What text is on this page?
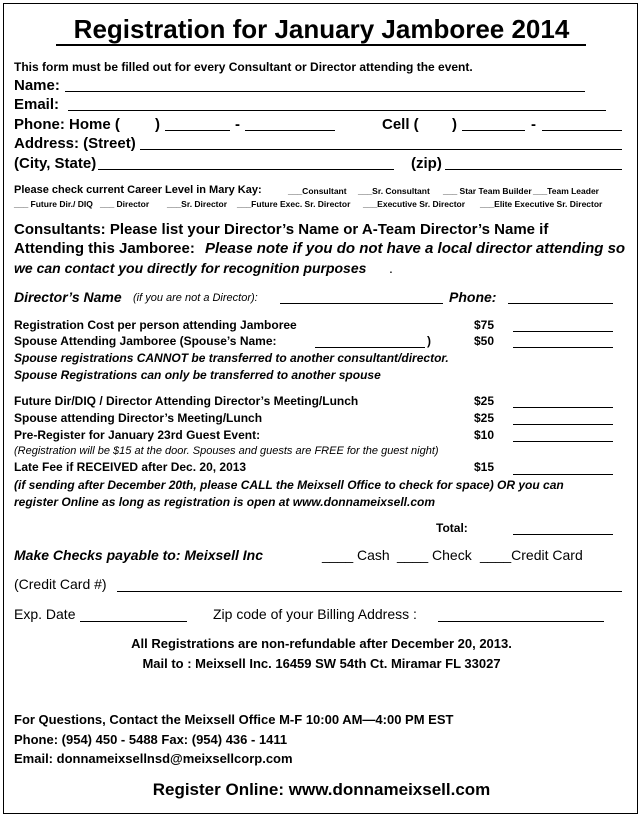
Registration for January Jamboree 2014
This form must be filled out for every Consultant or Director attending the event.
Name:
Email:
Phone: Home ( )	-	Cell ( )	-
Address: (Street)
(City, State)	(zip)
Please check current Career Level in Mary Kay:	___Consultant ___Sr. Consultant ___ Star Team Builder ___Team Leader
___ Future Dir./ DIQ ___ Director ___Sr. Director ___Future Exec. Sr. Director ___Executive Sr. Director ___Elite Executive Sr. Director
Consultants: Please list your Director’s Name or A-Team Director’s Name if
Attending this Jamboree: Please note if you do not have a local director attending so
we can contact you directly for recognition purposes .
Director’s Name (if you are not a Director):	Phone:
Registration Cost per person attending Jamboree	$75
Spouse Attending Jamboree (Spouse’s Name:	)	$50
Spouse registrations CANNOT be transferred to another consultant/director.
Spouse Registrations can only be transferred to another spouse
Future Dir/DIQ / Director Attending Director’s Meeting/Lunch	$25
Spouse attending Director’s Meeting/Lunch	$25
Pre-Register for January 23rd Guest Event:	$10
(Registration will be $15 at the door. Spouses and guests are FREE for the guest night)
Late Fee if RECEIVED after Dec. 20, 2013	$15
(if sending after December 20th, please CALL the Meixsell Office to check for space) OR you can
register Online as long as registration is open at www.donnameixsell.com
Total:
Make Checks payable to: Meixsell Inc	____ Cash ____ Check ____Credit Card
(Credit Card #)
Exp. Date	Zip code of your Billing Address :
All Registrations are non-refundable after December 20, 2013.
Mail to : Meixsell Inc. 16459 SW 54th Ct. Miramar FL 33027
For Questions, Contact the Meixsell Office M-F 10:00 AM—4:00 PM EST
Phone: (954) 450 - 5488 Fax: (954) 436 - 1411
Email: donnameixsellnsd@meixsellcorp.com
Register Online: www.donnameixsell.com
